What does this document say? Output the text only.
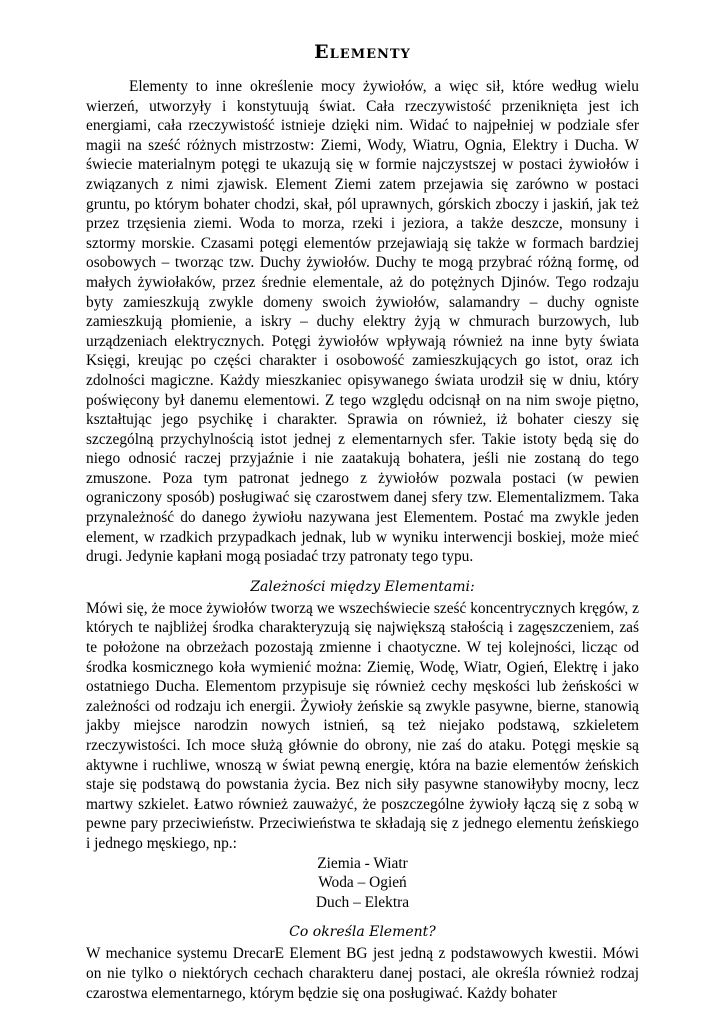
Elementy

Elementy to inne określenie mocy żywiołów, a więc sił, które według wielu wierzeń, utworzyły i konstytuują świat. Cała rzeczywistość przeniknięta jest ich energiami, cała rzeczywistość istnieje dzięki nim. Widać to najpełniej w podziale sfer magii na sześć różnych mistrzostw: Ziemi, Wody, Wiatru, Ognia, Elektry i Ducha. W świecie materialnym potęgi te ukazują się w formie najczystszej w postaci żywiołów i związanych z nimi zjawisk. Element Ziemi zatem przejawia się zarówno w postaci gruntu, po którym bohater chodzi, skał, pól uprawnych, górskich zboczy i jaskiń, jak też przez trzęsienia ziemi. Woda to morza, rzeki i jeziora, a także deszcze, monsuny i sztormy morskie. Czasami potęgi elementów przejawiają się także w formach bardziej osobowych – tworząc tzw. Duchy żywiołów. Duchy te mogą przybrać różną formę, od małych żywiołaków, przez średnie elementale, aż do potężnych Djinów. Tego rodzaju byty zamieszkują zwykle domeny swoich żywiołów, salamandry – duchy ogniste zamieszkują płomienie, a iskry – duchy elektry żyją w chmurach burzowych, lub urządzeniach elektrycznych. Potęgi żywiołów wpływają również na inne byty świata Księgi, kreując po części charakter i osobowość zamieszkujących go istot, oraz ich zdolności magiczne. Każdy mieszkaniec opisywanego świata urodził się w dniu, który poświęcony był danemu elementowi. Z tego względu odcisnął on na nim swoje piętno, kształtując jego psychikę i charakter. Sprawia on również, iż bohater cieszy się szczególną przychylnością istot jednej z elementarnych sfer. Takie istoty będą się do niego odnosić raczej przyjaźnie i nie zaatakują bohatera, jeśli nie zostaną do tego zmuszone. Poza tym patronat jednego z żywiołów pozwala postaci (w pewien ograniczony sposób) posługiwać się czarostwem danej sfery tzw. Elementalizmem. Taka przynależność do danego żywiołu nazywana jest Elementem. Postać ma zwykle jeden element, w rzadkich przypadkach jednak, lub w wyniku interwencji boskiej, może mieć drugi. Jedynie kapłani mogą posiadać trzy patronaty tego typu.

Zależności między Elementami:

Mówi się, że moce żywiołów tworzą we wszechświecie sześć koncentrycznych kręgów, z których te najbliżej środka charakteryzują się największą stałością i zagęszczeniem, zaś te położone na obrzeżach pozostają zmienne i chaotyczne. W tej kolejności, licząc od środka kosmicznego koła wymienić można: Ziemię, Wodę, Wiatr, Ogień, Elektrę i jako ostatniego Ducha. Elementom przypisuje się również cechy męskości lub żeńskości w zależności od rodzaju ich energii. Żywioły żeńskie są zwykle pasywne, bierne, stanowią jakby miejsce narodzin nowych istnień, są też niejako podstawą, szkieletem rzeczywistości. Ich moce służą głównie do obrony, nie zaś do ataku. Potęgi męskie są aktywne i ruchliwe, wnoszą w świat pewną energię, która na bazie elementów żeńskich staje się podstawą do powstania życia. Bez nich siły pasywne stanowiłyby mocny, lecz martwy szkielet. Łatwo również zauważyć, że poszczególne żywioły łączą się z sobą w pewne pary przeciwieństw. Przeciwieństwa te składają się z jednego elementu żeńskiego i jednego męskiego, np.:

Ziemia - Wiatr
Woda – Ogień
Duch – Elektra
Co określa Element?

W mechanice systemu DrecarE Element BG jest jedną z podstawowych kwestii. Mówi on nie tylko o niektórych cechach charakteru danej postaci, ale określa również rodzaj czarostwa elementarnego, którym będzie się ona posługiwać. Każdy bohater
